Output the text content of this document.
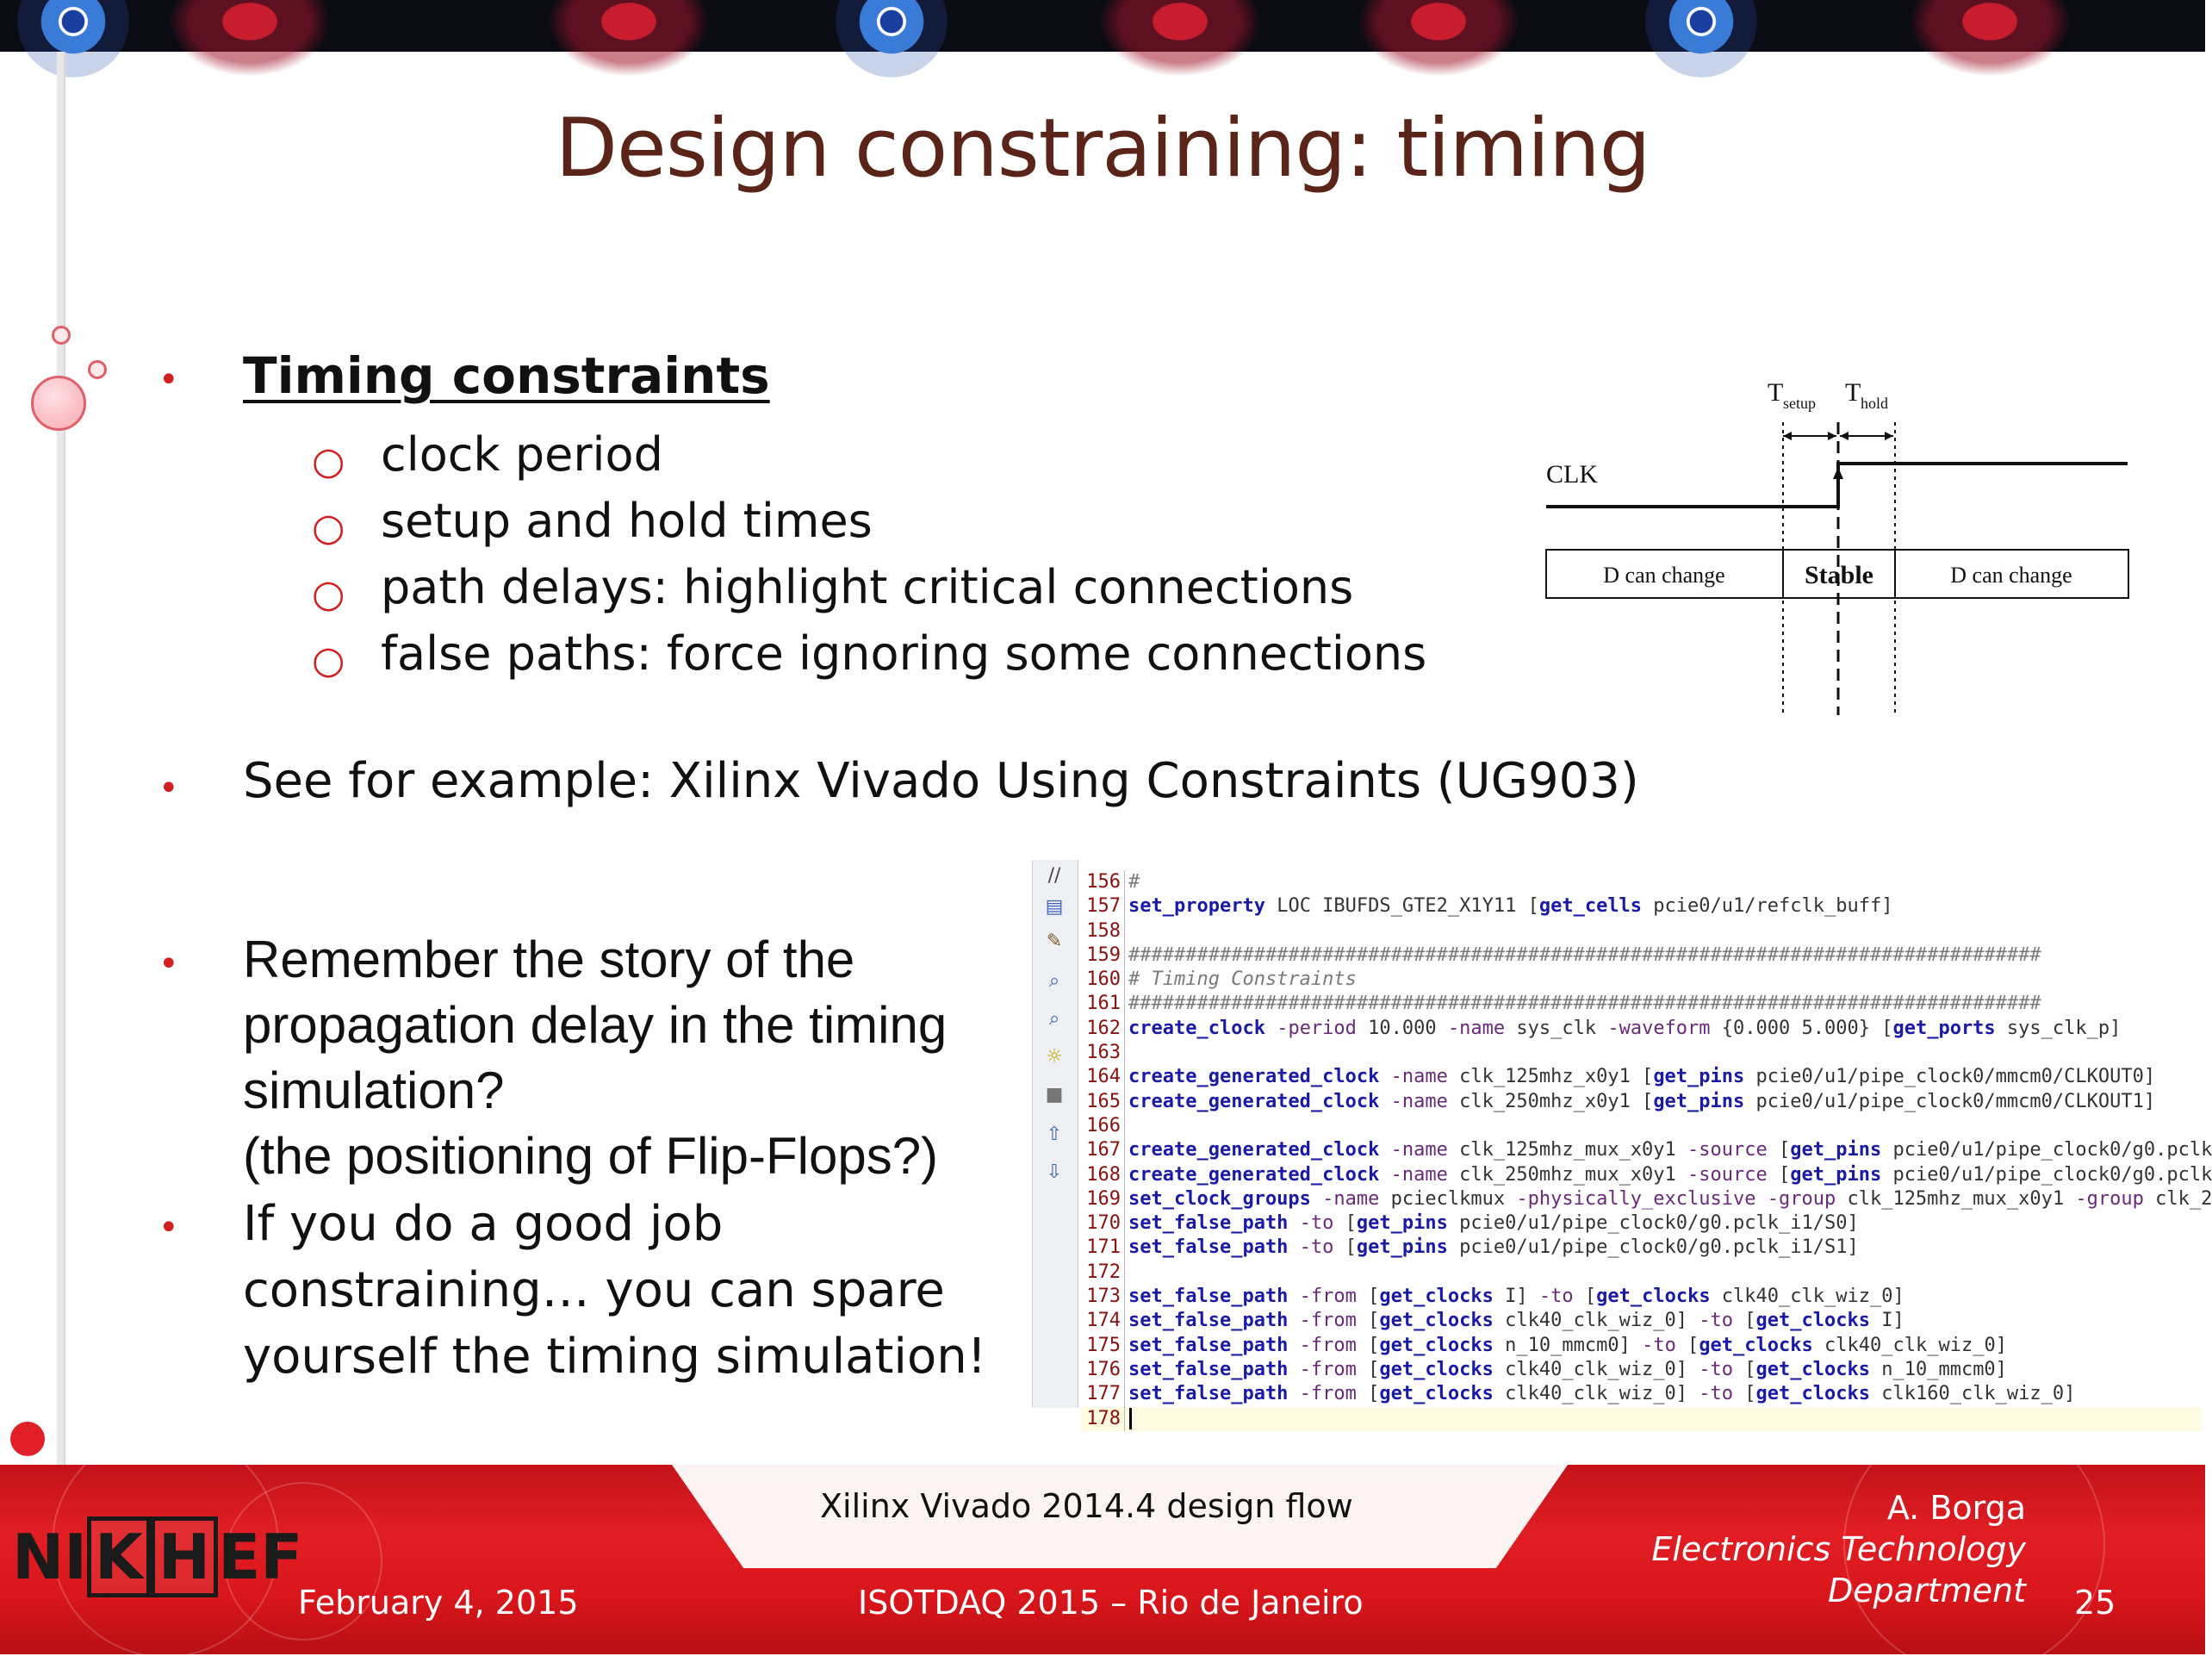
Design constraining: timing
• Timing constraints
○ clock period
○ setup and hold times
○ path delays: highlight critical connections
○ false paths: force ignoring some connections
• See for example: Xilinx Vivado Using Constraints (UG903)
• Remember the story of the
propagation delay in the timing
simulation?
(the positioning of Flip-Flops?)
• If you do a good job
constraining… you can spare
yourself the timing simulation!
T setup T hold
CLK
D can change	Stable	D can change
//
▤
✎
⌕
⌕
☼
■
⇧
⇩
156 #
157 set_property LOC IBUFDS_GTE2_X1Y11 [get_cells pcie0/u1/refclk_buff]
158
159 ################################################################################
160 # Timing Constraints
161 ################################################################################
162 create_clock -period 10.000 -name sys_clk -waveform {0.000 5.000} [get_ports sys_clk_p]
163
164 create_generated_clock -name clk_125mhz_x0y1 [get_pins pcie0/u1/pipe_clock0/mmcm0/CLKOUT0]
165 create_generated_clock -name clk_250mhz_x0y1 [get_pins pcie0/u1/pipe_clock0/mmcm0/CLKOUT1]
166
167 create_generated_clock -name clk_125mhz_mux_x0y1 -source [get_pins pcie0/u1/pipe_clock0/g0.pclk
168 create_generated_clock -name clk_250mhz_mux_x0y1 -source [get_pins pcie0/u1/pipe_clock0/g0.pclk
169 set_clock_groups -name pcieclkmux -physically_exclusive -group clk_125mhz_mux_x0y1 -group clk_2
170 set_false_path -to [get_pins pcie0/u1/pipe_clock0/g0.pclk_i1/S0]
171 set_false_path -to [get_pins pcie0/u1/pipe_clock0/g0.pclk_i1/S1]
172
173 set_false_path -from [get_clocks I] -to [get_clocks clk40_clk_wiz_0]
174 set_false_path -from [get_clocks clk40_clk_wiz_0] -to [get_clocks I]
175 set_false_path -from [get_clocks n_10_mmcm0] -to [get_clocks clk40_clk_wiz_0]
176 set_false_path -from [get_clocks clk40_clk_wiz_0] -to [get_clocks n_10_mmcm0]
177 set_false_path -from [get_clocks clk40_clk_wiz_0] -to [get_clocks clk160_clk_wiz_0]
178
NI K H EF
Xilinx Vivado 2014.4 design flow
February 4, 2015	ISOTDAQ 2015 – Rio de Janeiro
A. Borga
Electronics Technology
Department 25
